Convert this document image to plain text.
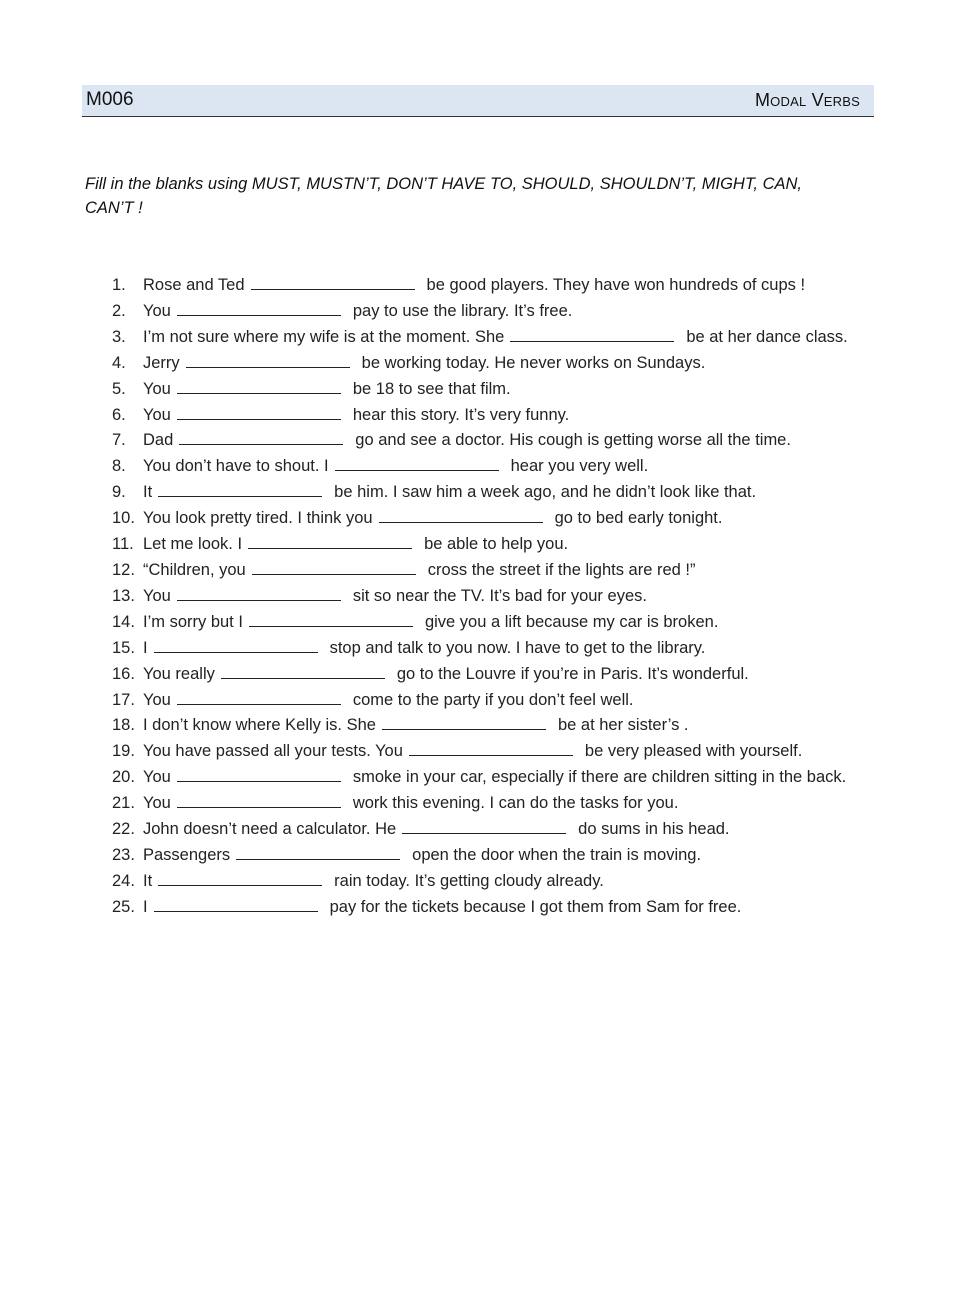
M006	Modal Verbs
Fill in the blanks using MUST, MUSTN’T, DON’T HAVE TO, SHOULD, SHOULDN’T, MIGHT, CAN, CAN’T !
1. Rose and Ted	be good players. They have won hundreds of cups !
2. You	pay to use the library. It’s free.
3. I’m not sure where my wife is at the moment. She	be at her dance class.
4. Jerry	be working today. He never works on Sundays.
5. You	be 18 to see that film.
6. You	hear this story. It’s very funny.
7. Dad	go and see a doctor. His cough is getting worse all the time.
8. You don’t have to shout. I	hear you very well.
9. It	be him. I saw him a week ago, and he didn’t look like that.
10. You look pretty tired. I think you	go to bed early tonight.
11. Let me look. I	be able to help you.
12. “Children, you	cross the street if the lights are red !”
13. You	sit so near the TV. It’s bad for your eyes.
14. I’m sorry but I	give you a lift because my car is broken.
15. I	stop and talk to you now. I have to get to the library.
16. You really	go to the Louvre if you’re in Paris. It’s wonderful.
17. You	come to the party if you don’t feel well.
18. I don’t know where Kelly is. She	be at her sister’s .
19. You have passed all your tests. You	be very pleased with yourself.
20. You	smoke in your car, especially if there are children sitting in the back.
21. You	work this evening. I can do the tasks for you.
22. John doesn’t need a calculator. He	do sums in his head.
23. Passengers	open the door when the train is moving.
24. It	rain today. It’s getting cloudy already.
25. I	pay for the tickets because I got them from Sam for free.
